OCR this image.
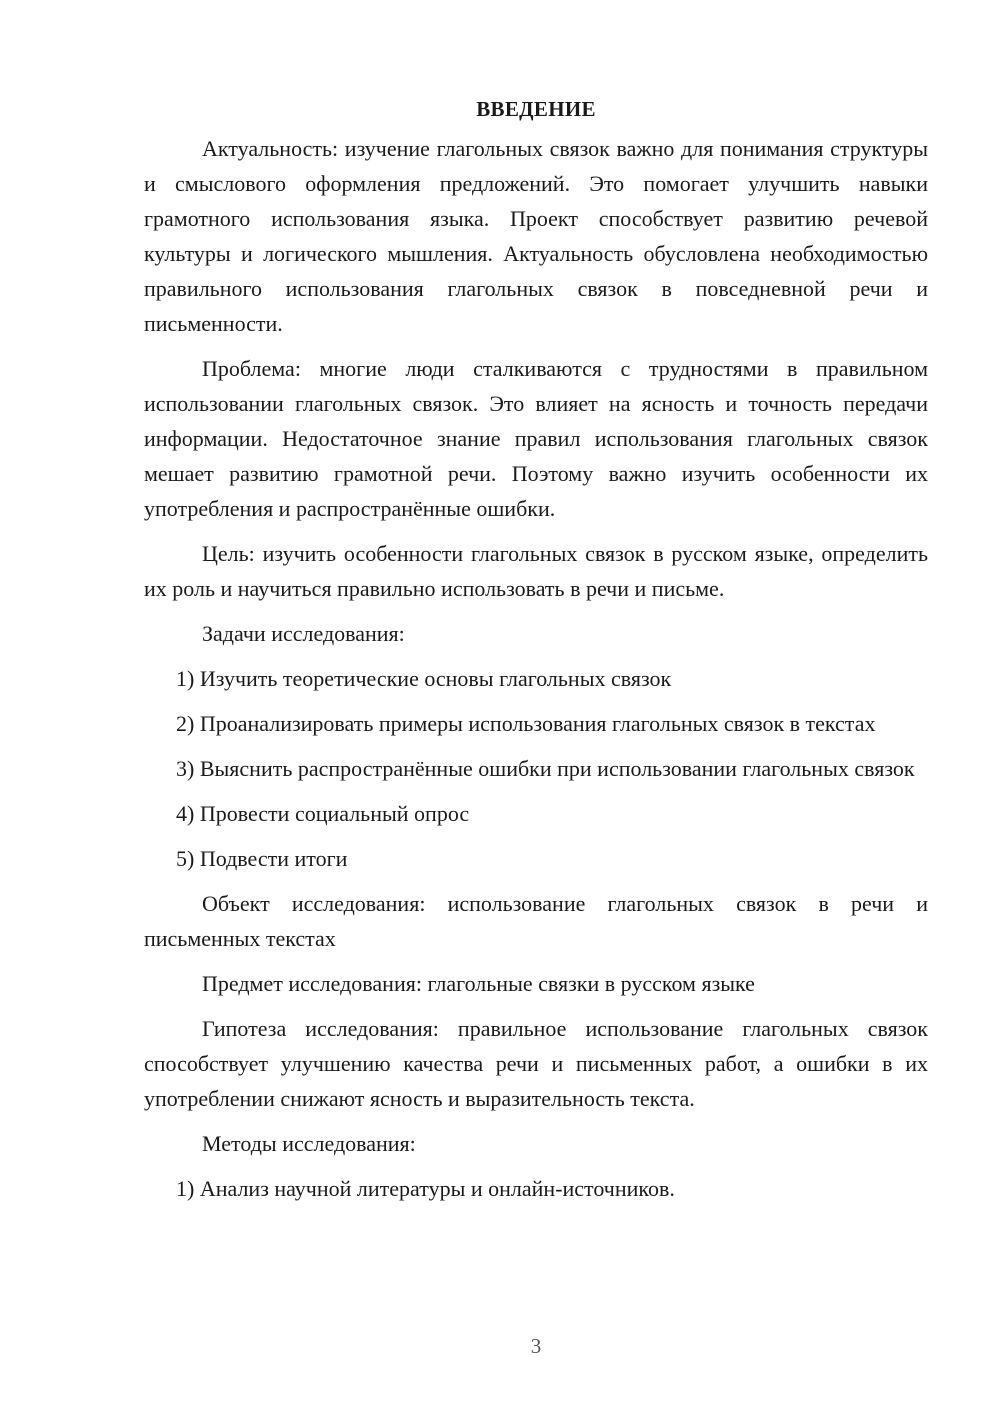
ВВЕДЕНИЕ

Актуальность: изучение глагольных связок важно для понимания структуры и смыслового оформления предложений. Это помогает улучшить навыки грамотного использования языка. Проект способствует развитию речевой культуры и логического мышления. Актуальность обусловлена необходимостью правильного использования глагольных связок в повседневной речи и письменности.

Проблема: многие люди сталкиваются с трудностями в правильном использовании глагольных связок. Это влияет на ясность и точность передачи информации. Недостаточное знание правил использования глагольных связок мешает развитию грамотной речи. Поэтому важно изучить особенности их употребления и распространённые ошибки.

Цель: изучить особенности глагольных связок в русском языке, определить их роль и научиться правильно использовать в речи и письме.

Задачи исследования:

1) Изучить теоретические основы глагольных связок

2) Проанализировать примеры использования глагольных связок в текстах

3) Выяснить распространённые ошибки при использовании глагольных связок

4) Провести социальный опрос

5) Подвести итоги

Объект исследования: использование глагольных связок в речи и письменных текстах

Предмет исследования: глагольные связки в русском языке

Гипотеза исследования: правильное использование глагольных связок способствует улучшению качества речи и письменных работ, а ошибки в их употреблении снижают ясность и выразительность текста.

Методы исследования:

1) Анализ научной литературы и онлайн-источников.

3
